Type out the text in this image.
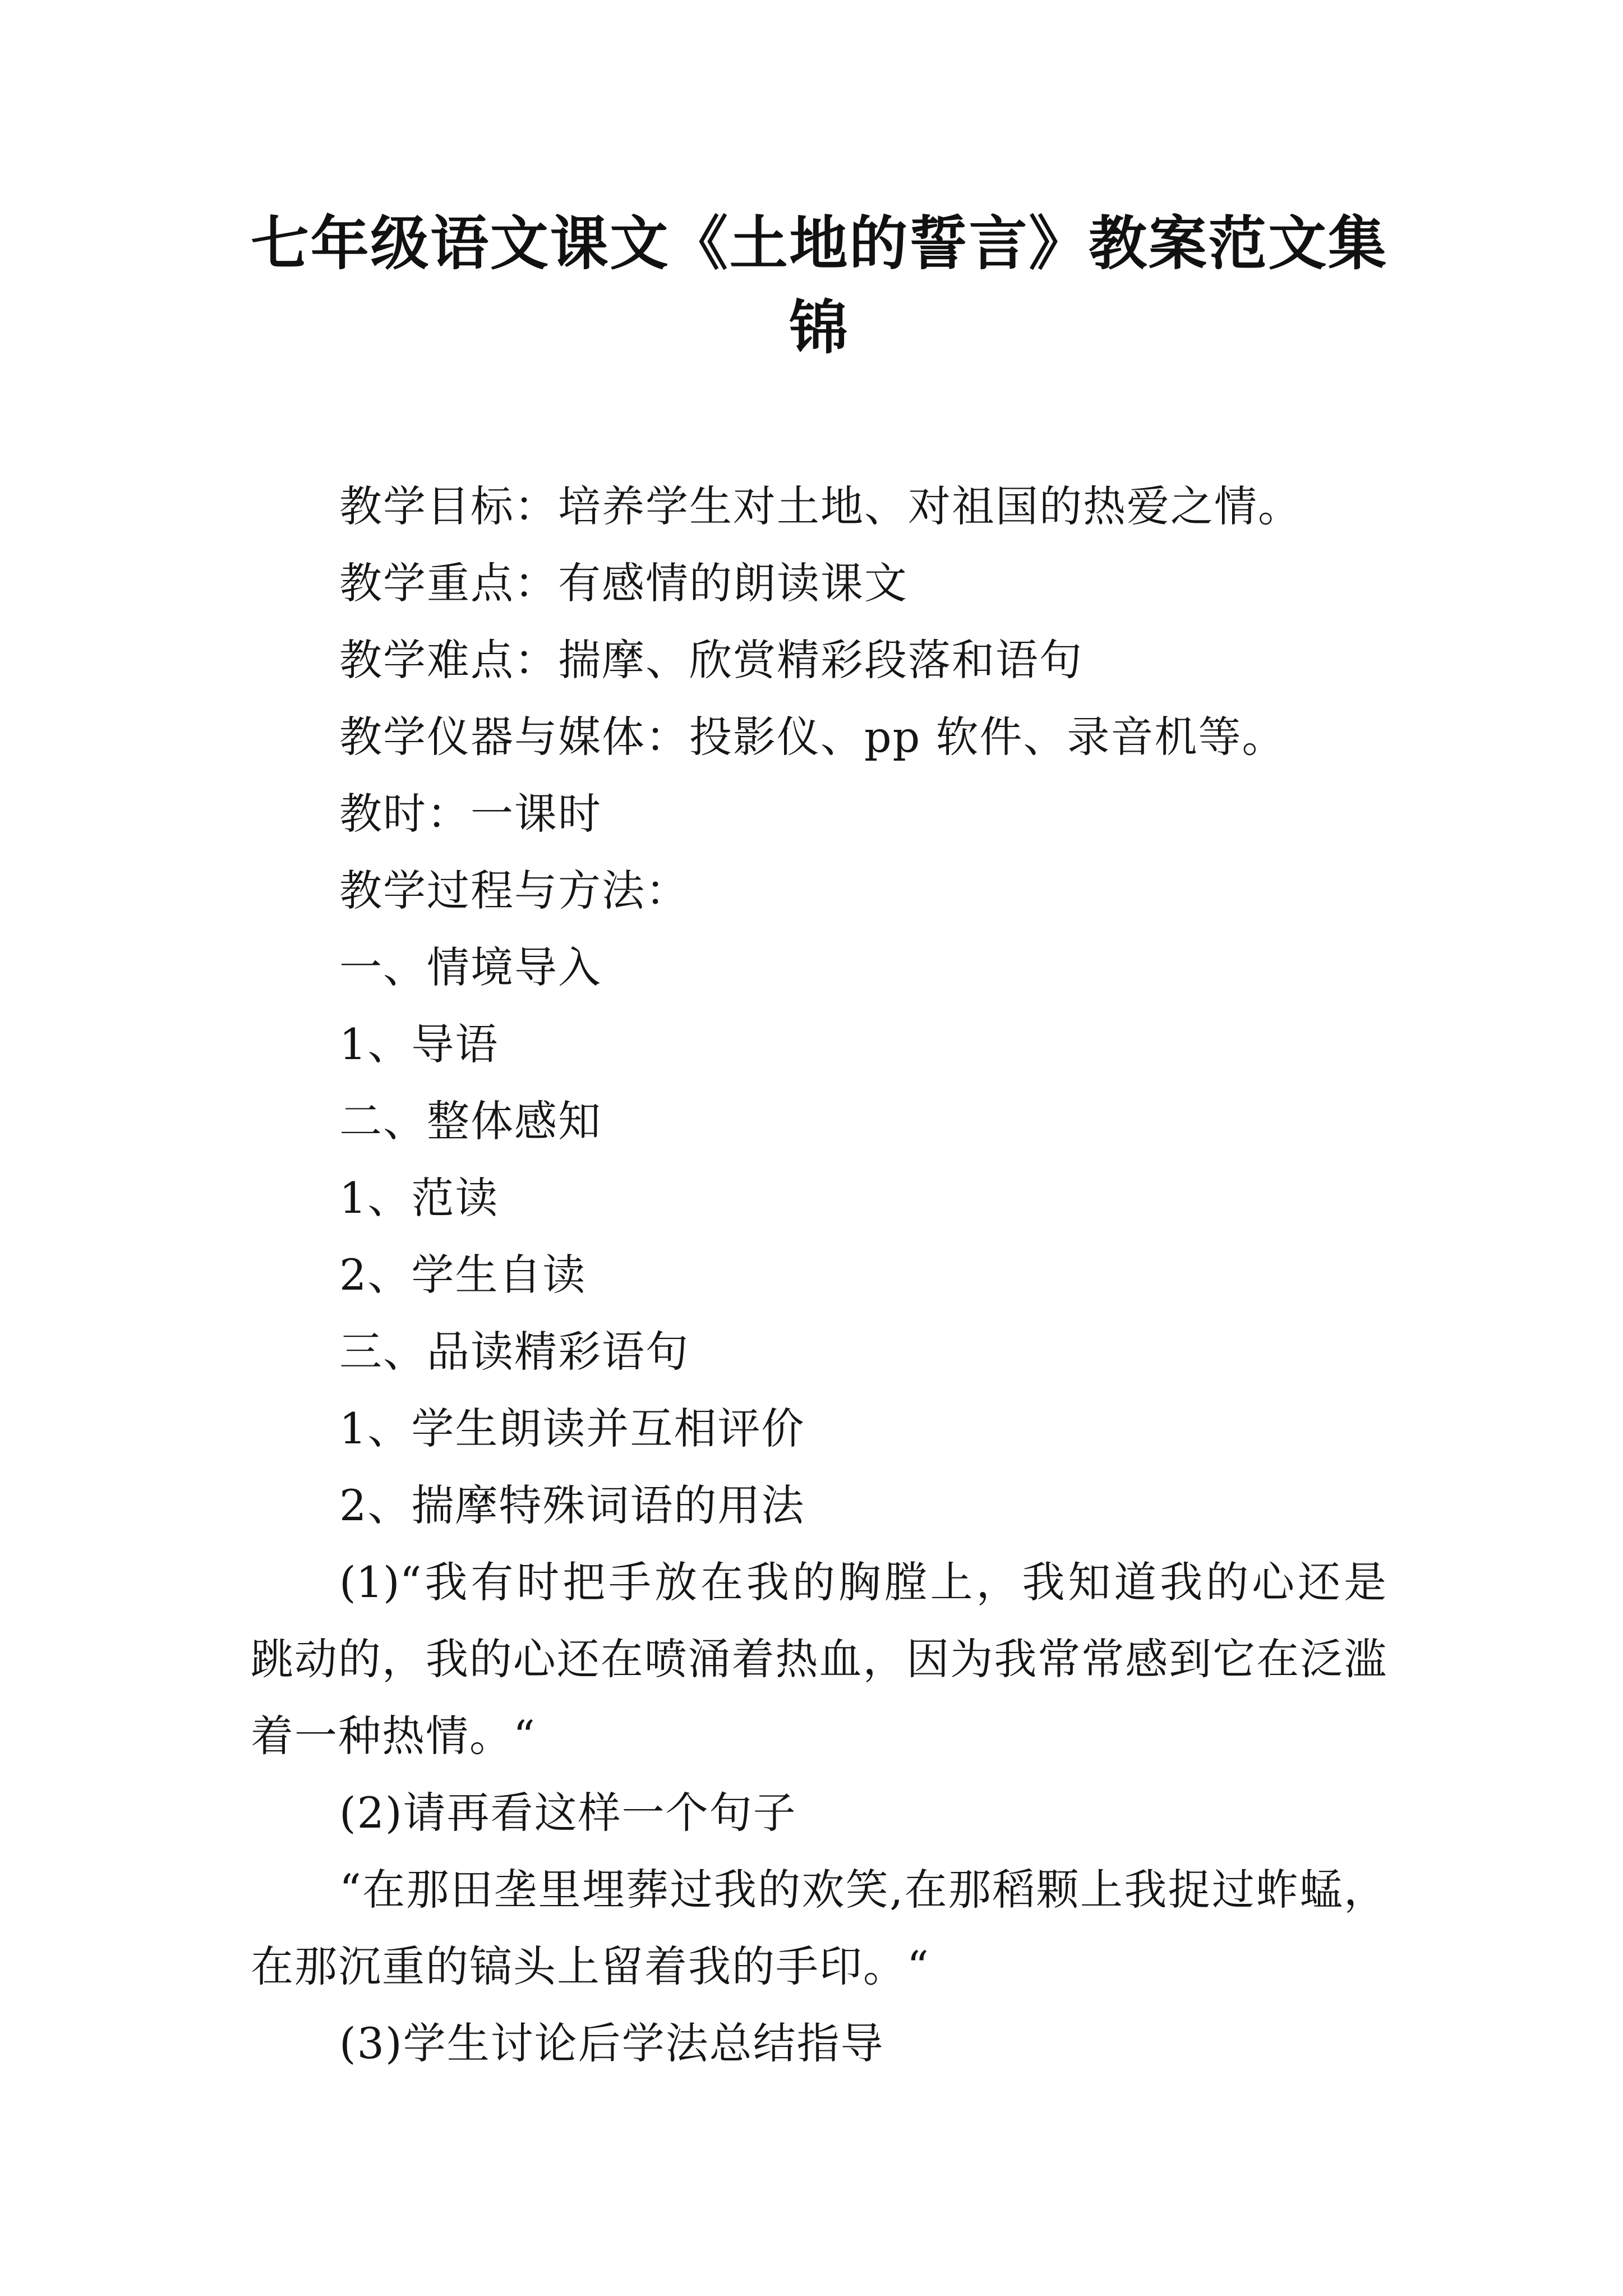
七年级语文课文《土地的誓言》教案范文集
锦

教学目标：培养学生对土地、对祖国的热爱之情。

教学重点：有感情的朗读课文

教学难点：揣摩、欣赏精彩段落和语句

教学仪器与媒体：投影仪、pp 软件、录音机等。

教时：一课时

教学过程与方法：

一、情境导入

1、导语

二、整体感知

1、范读

2、学生自读

三、品读精彩语句

1、学生朗读并互相评价

2、揣摩特殊词语的用法

(1)“我有时把手放在我的胸膛上，我知道我的心还是
跳动的，我的心还在喷涌着热血，因为我常常感到它在泛滥
着一种热情。“

(2)请再看这样一个句子

“在那田垄里埋葬过我的欢笑,在那稻颗上我捉过蚱蜢，
在那沉重的镐头上留着我的手印。“

(3)学生讨论后学法总结指导
